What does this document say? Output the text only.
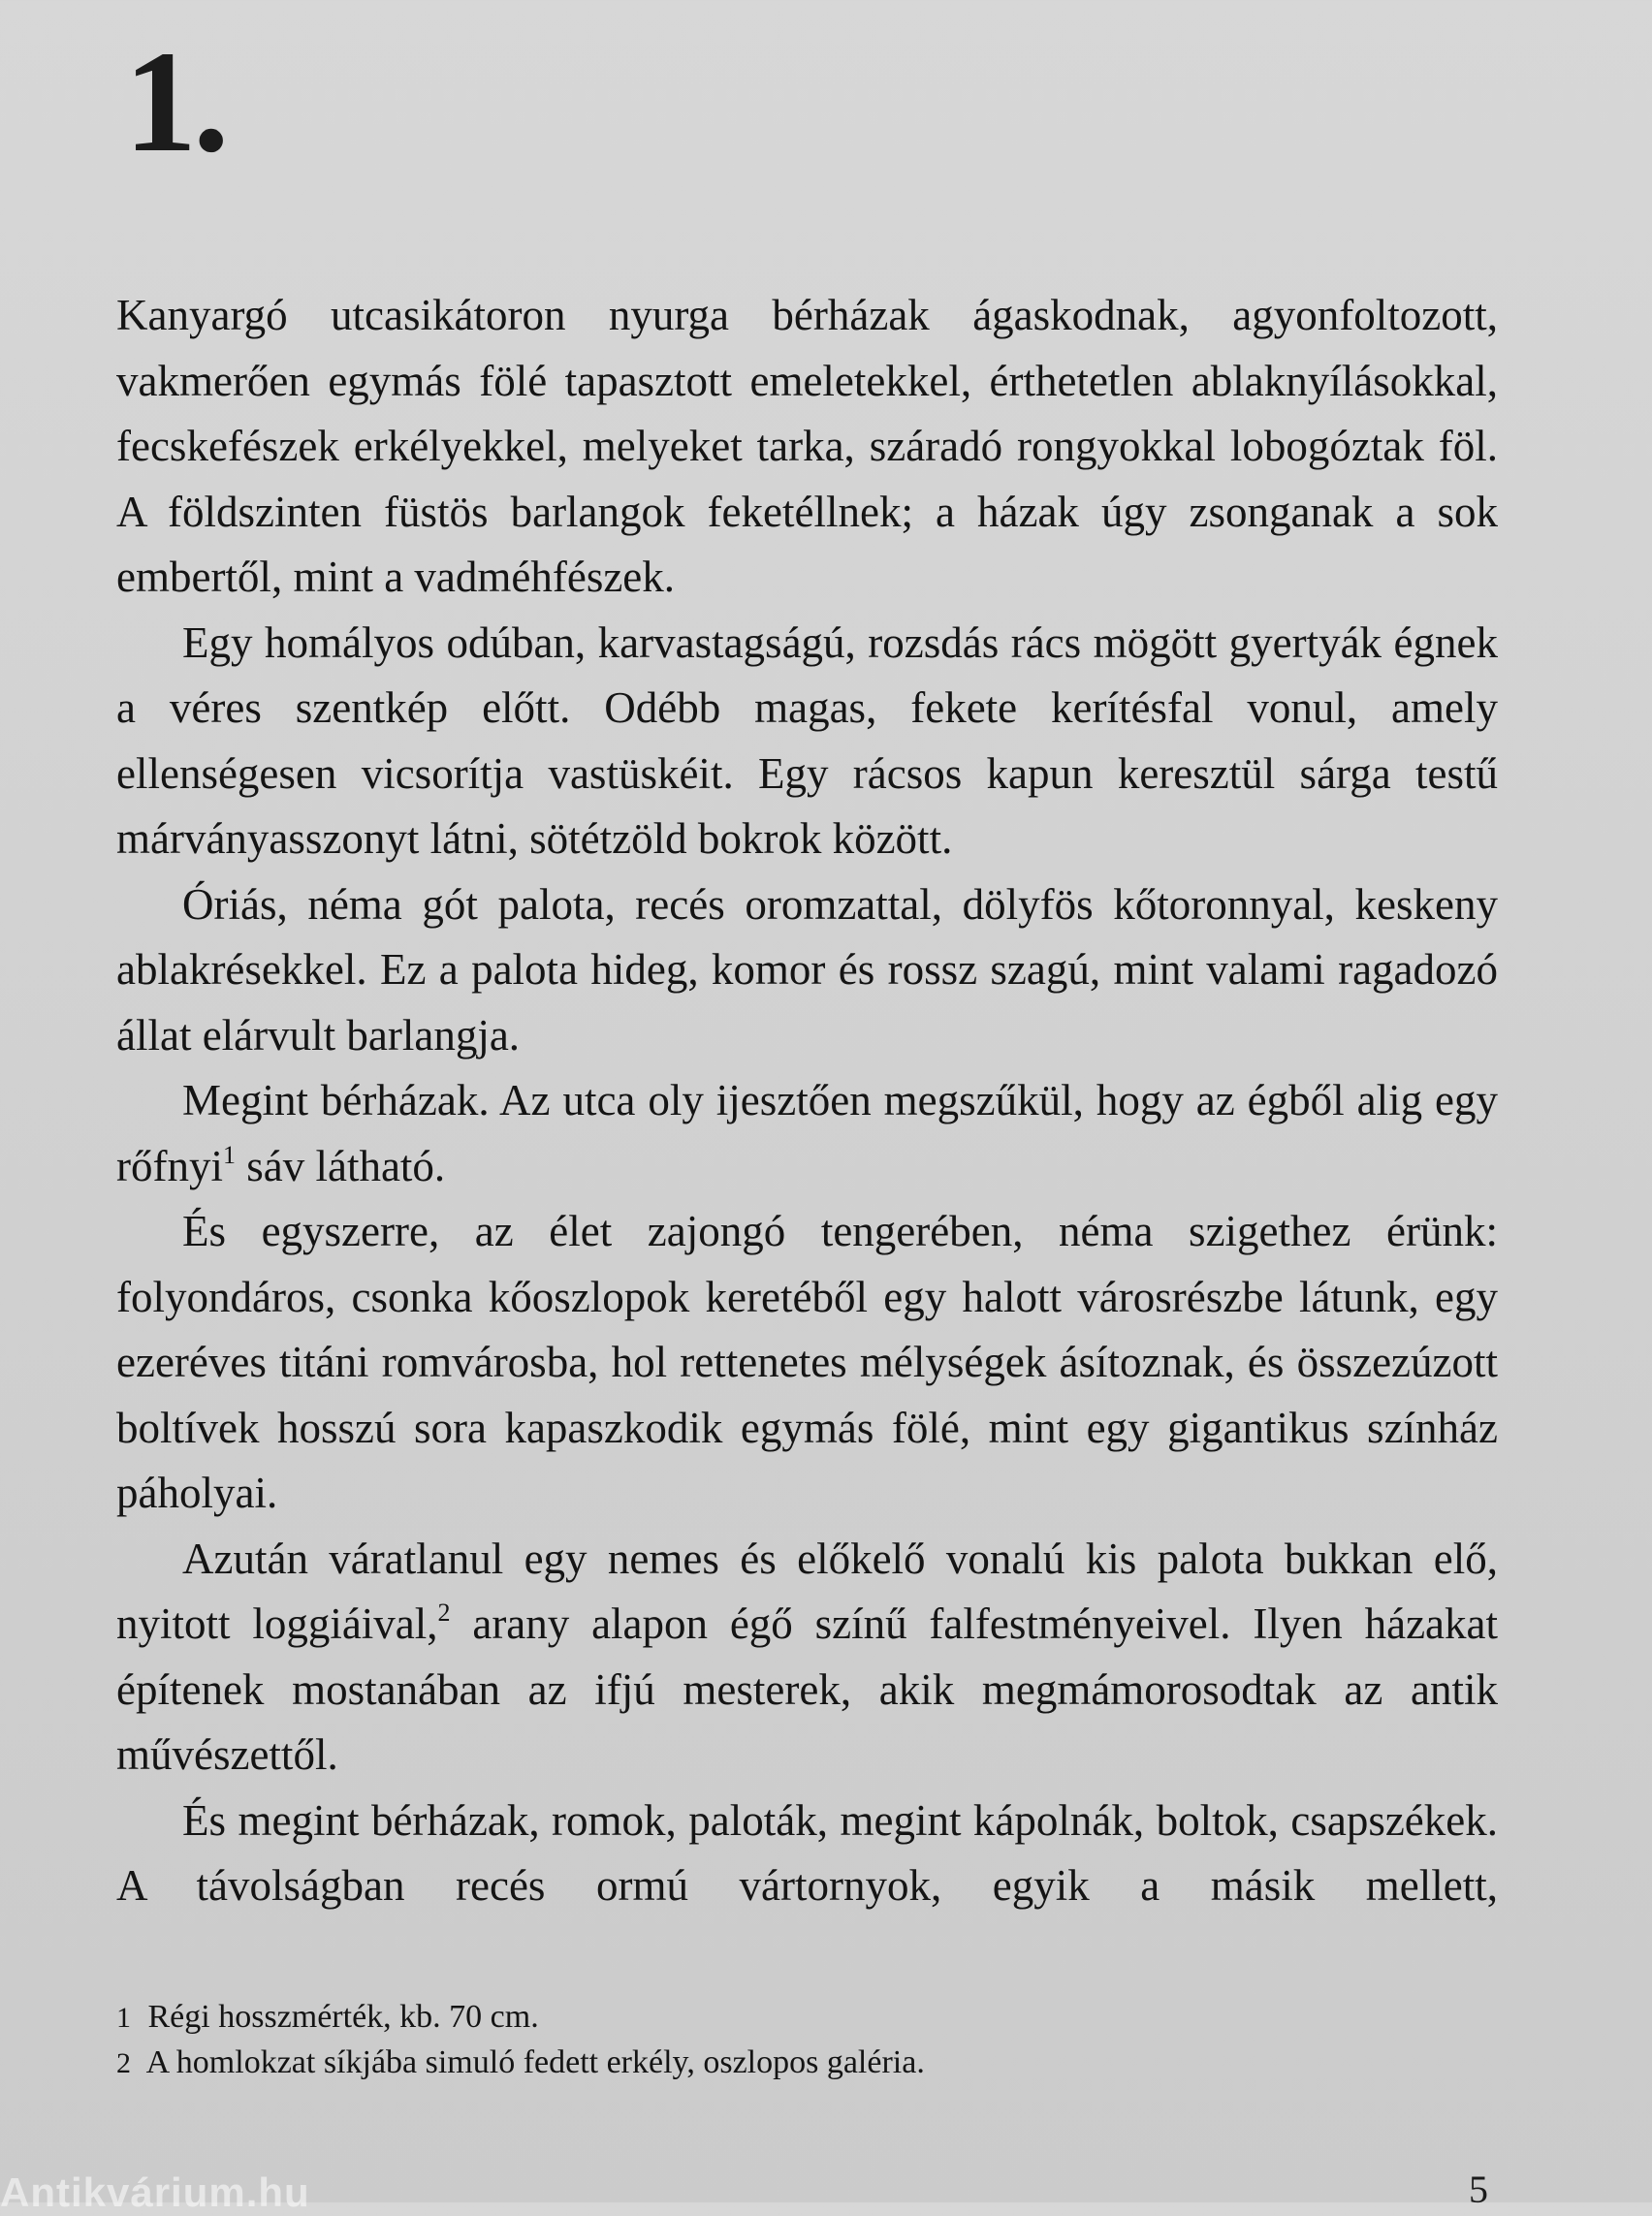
1.

Kanyargó utcasikátoron nyurga bérházak ágaskodnak, agyonfoltozott, vakmerően egymás fölé tapasztott emeletekkel, érthetetlen ablaknyílásokkal, fecskefészek erkélyekkel, melyeket tarka, száradó rongyokkal lobogóztak föl. A földszinten füstös barlangok feketéllnek; a házak úgy zsonganak a sok embertől, mint a vadméhfészek.

Egy homályos odúban, karvastagságú, rozsdás rács mögött gyertyák égnek a véres szentkép előtt. Odébb magas, fekete kerítésfal vonul, amely ellenségesen vicsorítja vastüskéit. Egy rácsos kapun keresztül sárga testű márványasszonyt látni, sötétzöld bokrok között.

Óriás, néma gót palota, recés oromzattal, dölyfös kőtoronnyal, keskeny ablakrésekkel. Ez a palota hideg, komor és rossz szagú, mint valami ragadozó állat elárvult barlangja.

Megint bérházak. Az utca oly ijesztően megszűkül, hogy az égből alig egy rőfnyi$^1$ sáv látható.

És egyszerre, az élet zajongó tengerében, néma szigethez érünk: folyondáros, csonka kőoszlopok keretéből egy halott városrészbe látunk, egy ezeréves titáni romvárosba, hol rettenetes mélységek ásítoznak, és összezúzott boltívek hosszú sora kapaszkodik egymás fölé, mint egy gigantikus színház páholyai.

Azután váratlanul egy nemes és előkelő vonalú kis palota bukkan elő, nyitott loggiáival,$^2$ arany alapon égő színű falfestményeivel. Ilyen házakat építenek mostanában az ifjú mesterek, akik megmámorosodtak az antik művészettől.

És megint bérházak, romok, paloták, megint kápolnák, boltok, csapszékek. A távolságban recés ormú vártornyok, egyik a másik mellett,

1 Régi hosszmérték, kb. 70 cm.

2 A homlokzat síkjába simuló fedett erkély, oszlopos galéria.

5
Antikvárium.hu
